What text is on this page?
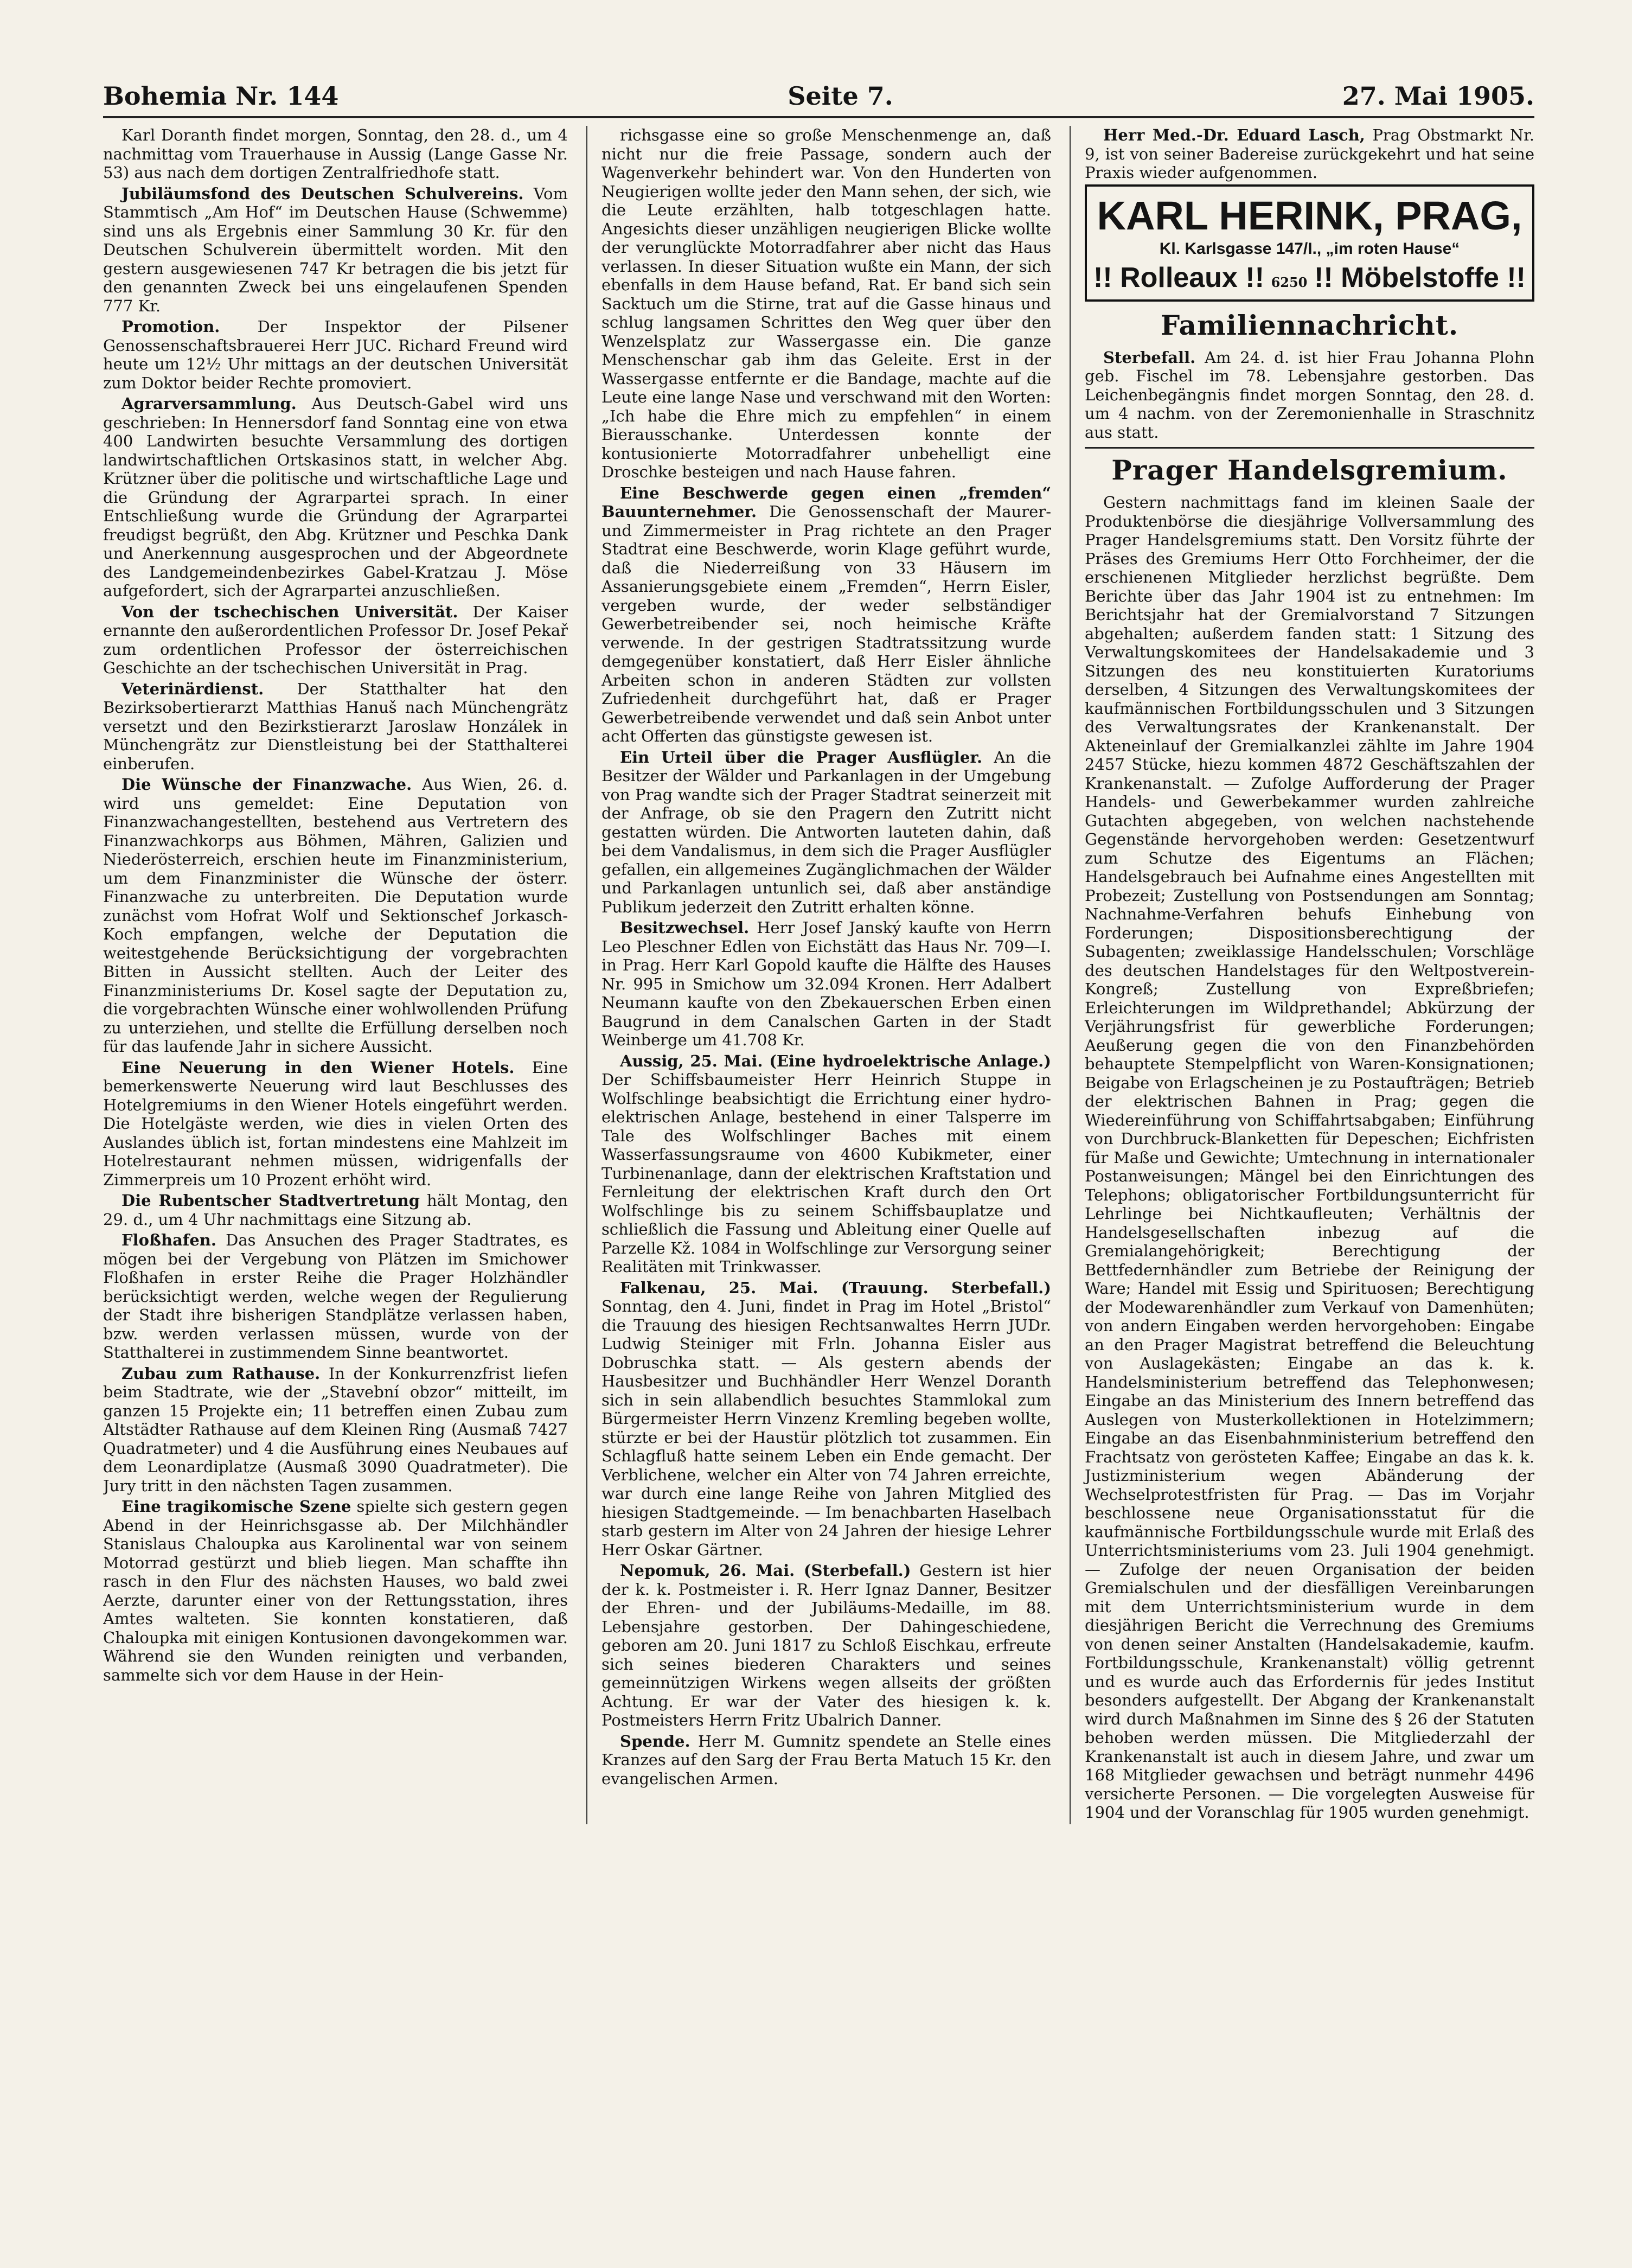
Bohemia Nr. 144	Seite 7.	27. Mai 1905.

Karl Doranth findet morgen, Sonntag, den 28. d., um 4 nachmittag vom Trauerhause in Aussig (Lange Gasse Nr. 53) aus nach dem dortigen Zentralfriedhofe statt.

Jubiläumsfond des Deutschen Schulvereins. Vom Stammtisch „Am Hof“ im Deutschen Hause (Schwemme) sind uns als Ergebnis einer Sammlung 30 Kr. für den Deutschen Schulverein übermittelt worden. Mit den gestern ausgewiesenen 747 Kr betragen die bis jetzt für den genannten Zweck bei uns eingelaufenen Spenden 777 Kr.

Promotion. Der Inspektor der Pilsener Genossenschaftsbrauerei Herr JUC. Richard Freund wird heute um 12½ Uhr mittags an der deutschen Universität zum Doktor beider Rechte promoviert.

Agrarversammlung. Aus Deutsch-Gabel wird uns geschrieben: In Hennersdorf fand Sonntag eine von etwa 400 Landwirten besuchte Versammlung des dortigen landwirtschaftlichen Ortskasinos statt, in welcher Abg. Krützner über die politische und wirtschaftliche Lage und die Gründung der Agrarpartei sprach. In einer Entschließung wurde die Gründung der Agrarpartei freudigst begrüßt, den Abg. Krützner und Peschka Dank und Anerkennung ausgesprochen und der Abgeordnete des Landgemeindenbezirkes Gabel-Kratzau J. Möse aufgefordert, sich der Agrarpartei anzuschließen.

Von der tschechischen Universität. Der Kaiser ernannte den außerordentlichen Professor Dr. Josef Pekař zum ordentlichen Professor der österreichischen Geschichte an der tschechischen Universität in Prag.

Veterinärdienst. Der Statthalter hat den Bezirksobertierarzt Matthias Hanuš nach Münchengrätz versetzt und den Bezirkstierarzt Jaroslaw Honzálek in Münchengrätz zur Dienstleistung bei der Statthalterei einberufen.

Die Wünsche der Finanzwache. Aus Wien, 26. d. wird uns gemeldet: Eine Deputation von Finanzwachangestellten, bestehend aus Vertretern des Finanzwachkorps aus Böhmen, Mähren, Galizien und Niederösterreich, erschien heute im Finanzministerium, um dem Finanzminister die Wünsche der österr. Finanzwache zu unterbreiten. Die Deputation wurde zunächst vom Hofrat Wolf und Sektionschef Jorkasch-Koch empfangen, welche der Deputation die weitestgehende Berücksichtigung der vorgebrachten Bitten in Aussicht stellten. Auch der Leiter des Finanzministeriums Dr. Kosel sagte der Deputation zu, die vorgebrachten Wünsche einer wohlwollenden Prüfung zu unterziehen, und stellte die Erfüllung derselben noch für das laufende Jahr in sichere Aussicht.

Eine Neuerung in den Wiener Hotels. Eine bemerkenswerte Neuerung wird laut Beschlusses des Hotelgremiums in den Wiener Hotels eingeführt werden. Die Hotelgäste werden, wie dies in vielen Orten des Auslandes üblich ist, fortan mindestens eine Mahlzeit im Hotelrestaurant nehmen müssen, widrigenfalls der Zimmerpreis um 10 Prozent erhöht wird.

Die Rubentscher Stadtvertretung hält Montag, den 29. d., um 4 Uhr nachmittags eine Sitzung ab.

Floßhafen. Das Ansuchen des Prager Stadtrates, es mögen bei der Vergebung von Plätzen im Smichower Floßhafen in erster Reihe die Prager Holzhändler berücksichtigt werden, welche wegen der Regulierung der Stadt ihre bisherigen Standplätze verlassen haben, bzw. werden verlassen müssen, wurde von der Statthalterei in zustimmendem Sinne beantwortet.

Zubau zum Rathause. In der Konkurrenzfrist liefen beim Stadtrate, wie der „Stavební obzor“ mitteilt, im ganzen 15 Projekte ein; 11 betreffen einen Zubau zum Altstädter Rathause auf dem Kleinen Ring (Ausmaß 7427 Quadratmeter) und 4 die Ausführung eines Neubaues auf dem Leonardiplatze (Ausmaß 3090 Quadratmeter). Die Jury tritt in den nächsten Tagen zusammen.

Eine tragikomische Szene spielte sich gestern gegen Abend in der Heinrichsgasse ab. Der Milchhändler Stanislaus Chaloupka aus Karolinental war von seinem Motorrad gestürzt und blieb liegen. Man schaffte ihn rasch in den Flur des nächsten Hauses, wo bald zwei Aerzte, darunter einer von der Rettungsstation, ihres Amtes walteten. Sie konnten konstatieren, daß Chaloupka mit einigen Kontusionen davongekommen war. Während sie den Wunden reinigten und verbanden, sammelte sich vor dem Hause in der Hein-

richsgasse eine so große Menschenmenge an, daß nicht nur die freie Passage, sondern auch der Wagenverkehr behindert war. Von den Hunderten von Neugierigen wollte jeder den Mann sehen, der sich, wie die Leute erzählten, halb totgeschlagen hatte. Angesichts dieser unzähligen neugierigen Blicke wollte der verunglückte Motorradfahrer aber nicht das Haus verlassen. In dieser Situation wußte ein Mann, der sich ebenfalls in dem Hause befand, Rat. Er band sich sein Sacktuch um die Stirne, trat auf die Gasse hinaus und schlug langsamen Schrittes den Weg quer über den Wenzelsplatz zur Wassergasse ein. Die ganze Menschenschar gab ihm das Geleite. Erst in der Wassergasse entfernte er die Bandage, machte auf die Leute eine lange Nase und verschwand mit den Worten: „Ich habe die Ehre mich zu empfehlen“ in einem Bierausschanke. Unterdessen konnte der kontusionierte Motorradfahrer unbehelligt eine Droschke besteigen und nach Hause fahren.

Eine Beschwerde gegen einen „fremden“ Bauunternehmer. Die Genossenschaft der Maurer- und Zimmermeister in Prag richtete an den Prager Stadtrat eine Beschwerde, worin Klage geführt wurde, daß die Niederreißung von 33 Häusern im Assanierungsgebiete einem „Fremden“, Herrn Eisler, vergeben wurde, der weder selbständiger Gewerbetreibender sei, noch heimische Kräfte verwende. In der gestrigen Stadtratssitzung wurde demgegenüber konstatiert, daß Herr Eisler ähnliche Arbeiten schon in anderen Städten zur vollsten Zufriedenheit durchgeführt hat, daß er Prager Gewerbetreibende verwendet und daß sein Anbot unter acht Offerten das günstigste gewesen ist.

Ein Urteil über die Prager Ausflügler. An die Besitzer der Wälder und Parkanlagen in der Umgebung von Prag wandte sich der Prager Stadtrat seinerzeit mit der Anfrage, ob sie den Pragern den Zutritt nicht gestatten würden. Die Antworten lauteten dahin, daß bei dem Vandalismus, in dem sich die Prager Ausflügler gefallen, ein allgemeines Zugänglichmachen der Wälder und Parkanlagen untunlich sei, daß aber anständige Publikum jederzeit den Zutritt erhalten könne.

Besitzwechsel. Herr Josef Janský kaufte von Herrn Leo Pleschner Edlen von Eichstätt das Haus Nr. 709—I. in Prag. Herr Karl Gopold kaufte die Hälfte des Hauses Nr. 995 in Smichow um 32.094 Kronen. Herr Adalbert Neumann kaufte von den Zbekauerschen Erben einen Baugrund in dem Canalschen Garten in der Stadt Weinberge um 41.708 Kr.

Aussig, 25. Mai. (Eine hydroelektrische Anlage.) Der Schiffsbaumeister Herr Heinrich Stuppe in Wolfschlinge beabsichtigt die Errichtung einer hydro-elektrischen Anlage, bestehend in einer Talsperre im Tale des Wolfschlinger Baches mit einem Wasserfassungsraume von 4600 Kubikmeter, einer Turbinenanlage, dann der elektrischen Kraftstation und Fernleitung der elektrischen Kraft durch den Ort Wolfschlinge bis zu seinem Schiffsbauplatze und schließlich die Fassung und Ableitung einer Quelle auf Parzelle Kž. 1084 in Wolfschlinge zur Versorgung seiner Realitäten mit Trinkwasser.

Falkenau, 25. Mai. (Trauung. Sterbefall.) Sonntag, den 4. Juni, findet in Prag im Hotel „Bristol“ die Trauung des hiesigen Rechtsanwaltes Herrn JUDr. Ludwig Steiniger mit Frln. Johanna Eisler aus Dobruschka statt. — Als gestern abends der Hausbesitzer und Buchhändler Herr Wenzel Doranth sich in sein allabendlich besuchtes Stammlokal zum Bürgermeister Herrn Vinzenz Kremling begeben wollte, stürzte er bei der Haustür plötzlich tot zusammen. Ein Schlagfluß hatte seinem Leben ein Ende gemacht. Der Verblichene, welcher ein Alter von 74 Jahren erreichte, war durch eine lange Reihe von Jahren Mitglied des hiesigen Stadtgemeinde. — Im benachbarten Haselbach starb gestern im Alter von 24 Jahren der hiesige Lehrer Herr Oskar Gärtner.

Nepomuk, 26. Mai. (Sterbefall.) Gestern ist hier der k. k. Postmeister i. R. Herr Ignaz Danner, Besitzer der Ehren- und der Jubiläums-Medaille, im 88. Lebensjahre gestorben. Der Dahingeschiedene, geboren am 20. Juni 1817 zu Schloß Eischkau, erfreute sich seines biederen Charakters und seines gemeinnützigen Wirkens wegen allseits der größten Achtung. Er war der Vater des hiesigen k. k. Postmeisters Herrn Fritz Ubalrich Danner.

Spende. Herr M. Gumnitz spendete an Stelle eines Kranzes auf den Sarg der Frau Berta Matuch 15 Kr. den evangelischen Armen.

Herr Med.-Dr. Eduard Lasch, Prag Obstmarkt Nr. 9, ist von seiner Badereise zurückgekehrt und hat seine Praxis wieder aufgenommen.

KARL HERINK, PRAG,
Kl. Karlsgasse 147/I., „im roten Hause“
!! Rolleaux !! 6250 !! Möbelstoffe !!
Familiennachricht.

Sterbefall. Am 24. d. ist hier Frau Johanna Plohn geb. Fischel im 78. Lebensjahre gestorben. Das Leichenbegängnis findet morgen Sonntag, den 28. d. um 4 nachm. von der Zeremonienhalle in Straschnitz aus statt.

Prager Handelsgremium.

Gestern nachmittags fand im kleinen Saale der Produktenbörse die diesjährige Vollversammlung des Prager Handelsgremiums statt. Den Vorsitz führte der Präses des Gremiums Herr Otto Forchheimer, der die erschienenen Mitglieder herzlichst begrüßte. Dem Berichte über das Jahr 1904 ist zu entnehmen: Im Berichtsjahr hat der Gremialvorstand 7 Sitzungen abgehalten; außerdem fanden statt: 1 Sitzung des Verwaltungskomitees der Handelsakademie und 3 Sitzungen des neu konstituierten Kuratoriums derselben, 4 Sitzungen des Verwaltungskomitees der kaufmännischen Fortbildungsschulen und 3 Sitzungen des Verwaltungsrates der Krankenanstalt. Der Akteneinlauf der Gremialkanzlei zählte im Jahre 1904 2457 Stücke, hiezu kommen 4872 Geschäftszahlen der Krankenanstalt. — Zufolge Aufforderung der Prager Handels- und Gewerbekammer wurden zahlreiche Gutachten abgegeben, von welchen nachstehende Gegenstände hervorgehoben werden: Gesetzentwurf zum Schutze des Eigentums an Flächen; Handelsgebrauch bei Aufnahme eines Angestellten mit Probezeit; Zustellung von Postsendungen am Sonntag; Nachnahme-Verfahren behufs Einhebung von Forderungen; Dispositionsberechtigung der Subagenten; zweiklassige Handelsschulen; Vorschläge des deutschen Handelstages für den Weltpostverein-Kongreß; Zustellung von Expreßbriefen; Erleichterungen im Wildprethandel; Abkürzung der Verjährungsfrist für gewerbliche Forderungen; Aeußerung gegen die von den Finanzbehörden behauptete Stempelpflicht von Waren-Konsignationen; Beigabe von Erlagscheinen je zu Postaufträgen; Betrieb der elektrischen Bahnen in Prag; gegen die Wiedereinführung von Schiffahrtsabgaben; Einführung von Durchbruck-Blanketten für Depeschen; Eichfristen für Maße und Gewichte; Umtechnung in internationaler Postanweisungen; Mängel bei den Einrichtungen des Telephons; obligatorischer Fortbildungsunterricht für Lehrlinge bei Nichtkaufleuten; Verhältnis der Handelsgesellschaften inbezug auf die Gremialangehörigkeit; Berechtigung der Bettfedernhändler zum Betriebe der Reinigung der Ware; Handel mit Essig und Spirituosen; Berechtigung der Modewarenhändler zum Verkauf von Damenhüten; von andern Eingaben werden hervorgehoben: Eingabe an den Prager Magistrat betreffend die Beleuchtung von Auslagekästen; Eingabe an das k. k. Handelsministerium betreffend das Telephonwesen; Eingabe an das Ministerium des Innern betreffend das Auslegen von Musterkollektionen in Hotelzimmern; Eingabe an das Eisenbahnministerium betreffend den Frachtsatz von gerösteten Kaffee; Eingabe an das k. k. Justizministerium wegen Abänderung der Wechselprotestfristen für Prag. — Das im Vorjahr beschlossene neue Organisationsstatut für die kaufmännische Fortbildungsschule wurde mit Erlaß des Unterrichtsministeriums vom 23. Juli 1904 genehmigt. — Zufolge der neuen Organisation der beiden Gremialschulen und der diesfälligen Vereinbarungen mit dem Unterrichtsministerium wurde in dem diesjährigen Bericht die Verrechnung des Gremiums von denen seiner Anstalten (Handelsakademie, kaufm. Fortbildungsschule, Krankenanstalt) völlig getrennt und es wurde auch das Erfordernis für jedes Institut besonders aufgestellt. Der Abgang der Krankenanstalt wird durch Maßnahmen im Sinne des § 26 der Statuten behoben werden müssen. Die Mitgliederzahl der Krankenanstalt ist auch in diesem Jahre, und zwar um 168 Mitglieder gewachsen und beträgt nunmehr 4496 versicherte Personen. — Die vorgelegten Ausweise für 1904 und der Voranschlag für 1905 wurden genehmigt.
